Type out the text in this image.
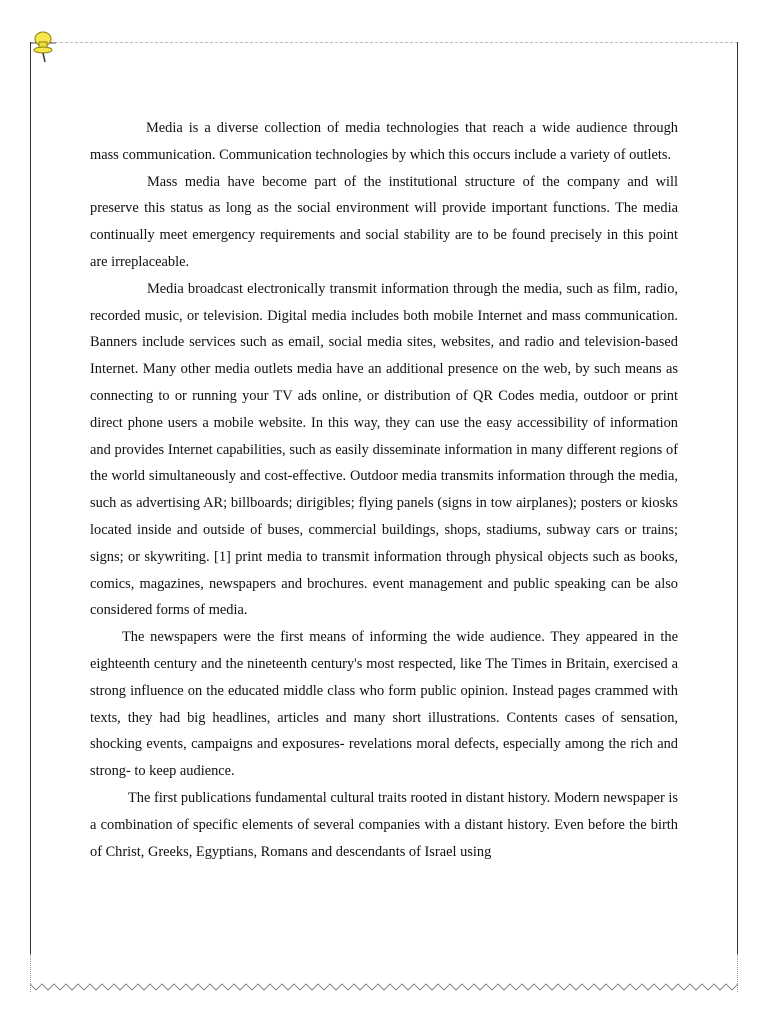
Media is a diverse collection of media technologies that reach a wide audience through mass communication. Communication technologies by which this occurs include a variety of outlets.

Mass media have become part of the institutional structure of the company and will preserve this status as long as the social environment will provide important functions. The media continually meet emergency requirements and social stability are to be found precisely in this point are irreplaceable.

Media broadcast electronically transmit information through the media, such as film, radio, recorded music, or television. Digital media includes both mobile Internet and mass communication. Banners include services such as email, social media sites, websites, and radio and television-based Internet. Many other media outlets media have an additional presence on the web, by such means as connecting to or running your TV ads online, or distribution of QR Codes media, outdoor or print direct phone users a mobile website. In this way, they can use the easy accessibility of information and provides Internet capabilities, such as easily disseminate information in many different regions of the world simultaneously and cost-effective. Outdoor media transmits information through the media, such as advertising AR; billboards; dirigibles; flying panels (signs in tow airplanes); posters or kiosks located inside and outside of buses, commercial buildings, shops, stadiums, subway cars or trains; signs; or skywriting. [1] print media to transmit information through physical objects such as books, comics, magazines, newspapers and brochures. event management and public speaking can be also considered forms of media.

The newspapers were the first means of informing the wide audience. They appeared in the eighteenth century and the nineteenth century's most respected, like The Times in Britain, exercised a strong influence on the educated middle class who form public opinion. Instead pages crammed with texts, they had big headlines, articles and many short illustrations. Contents cases of sensation, shocking events, campaigns and exposures- revelations moral defects, especially among the rich and strong- to keep audience.

The first publications fundamental cultural traits rooted in distant history. Modern newspaper is a combination of specific elements of several companies with a distant history. Even before the birth of Christ, Greeks, Egyptians, Romans and descendants of Israel using
